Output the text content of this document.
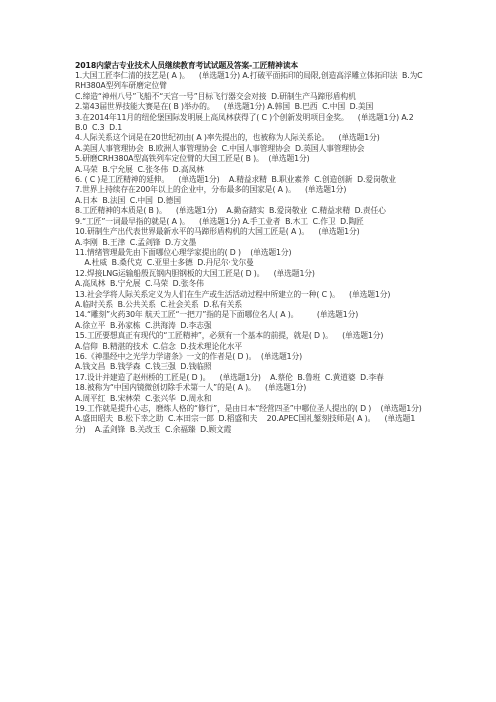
2018内蒙古专业技术人员继续教育考试试题及答案-工匠精神读本
1.大国工匠李仁清的技艺是( A )。    (单选题1分) A.打破平面拓印的局限,创造高浮雕立体拓印法  B.为CRH380A型列车研磨定位臂
C.缔造“神州八号”飞船不“天宫一号”目标飞行器交会对接  D.研制生产马蹄形盾构机
2.第43届世界技能大赛是在( B )举办的。    (单选题1分) A.韩国  B.巴西  C.中国  D.美国
3.在2014年11月的纽伦堡国际发明展上高凤林获得了( C )个创新发明项目金奖。    (单选题1分) A.2  B.0  C.3  D.1
4.人际关系这个词是在20世纪初由( A )率先提出的，也被称为人际关系论。    (单选题1分)
A.美国人事管理协会  B.欧洲人事管理协会  C.中国人事管理协会  D.英国人事管理协会
5.研磨CRH380A型高铁列车定位臂的大国工匠是( B )。  (单选题1分)
A.马荣  B.宁允展  C.张冬伟  D.高凤林
6. ( C )是工匠精神的延伸。    (单选题1分)    A.精益求精  B.职业素养  C.创造创新  D.爱岗敬业
7.世界上持续存在200年以上的企业中，分布最多的国家是( A )。    (单选题1分)
A.日本  B.法国  C.中国  D.德国
8.工匠精神的本质是( B )。    (单选题1分)    A.勤奋踏实  B.爱岗敬业  C.精益求精  D.责任心
9.“工匠”一词最早指的就是( A )。    (单选题1分) A.手工业者  B.木工  C.作卫  D.陶匠
10.研制生产出代表世界最新水平的马蹄形盾构机的大国工匠是( A )。    (单选题1分)
A.李刚  B.王津  C.孟剑锋  D.方文墨
11.情绪管理最先由下面哪位心理学家提出的( D )    (单选题1分)
A.杜威  B.桑代克  C.亚里士多德  D.丹尼尔·戈尔曼
12.焊接LNG运输船殷瓦钢内胆钢板的大国工匠是( D )。    (单选题1分)
A.高凤林  B.宁允展  C.马荣  D.张冬伟
13.社会学将人际关系定义为人们在生产或生活活动过程中所建立的一种( C )。    (单选题1分)
A.临时关系  B.公共关系  C.社会关系  D.私有关系
14.“雕刻”火药30年 航天工匠“一把刀”指的是下面哪位名人( A )。        (单选题1分)
A.徐立平  B.孙家栋  C.洪海涛  D.李志强
15.工匠要想真正有现代的“工匠精神”，必须有一个基本的前提，就是( D )。    (单选题1分)
A.信仰  B.精湛的技术  C.信念  D.技术理论化水平
16.《神墨经中之光学力学诸条》一文的作者是( D )。  (单选题1分)
A.钱文昌  B.钱学森  C.钱三强  D.钱临照
17.设计并建造了赵州桥的工匠是( D )。    (单选题1分)    A.蔡伦  B.鲁班  C.黄道婆  D.李春
18.被称为“中国内镜微创切除手术第一人”的是( A )。    (单选题1分)
A.周平红  B.宋林荣  C.张兴华  D.周永和
19.工作就是提升心志，磨炼人格的“修行”，是由日本“经营四圣”中哪位圣人提出的( D )    (单选题1分)
A.盛田昭夫  B.松下幸之助  C.本田宗一郎  D.稻盛和夫    20.APEC国礼錾刻技师是( A )。    (单选题1分)    A.孟剑锋  B.关改玉  C.余福臻  D.顾文霞
